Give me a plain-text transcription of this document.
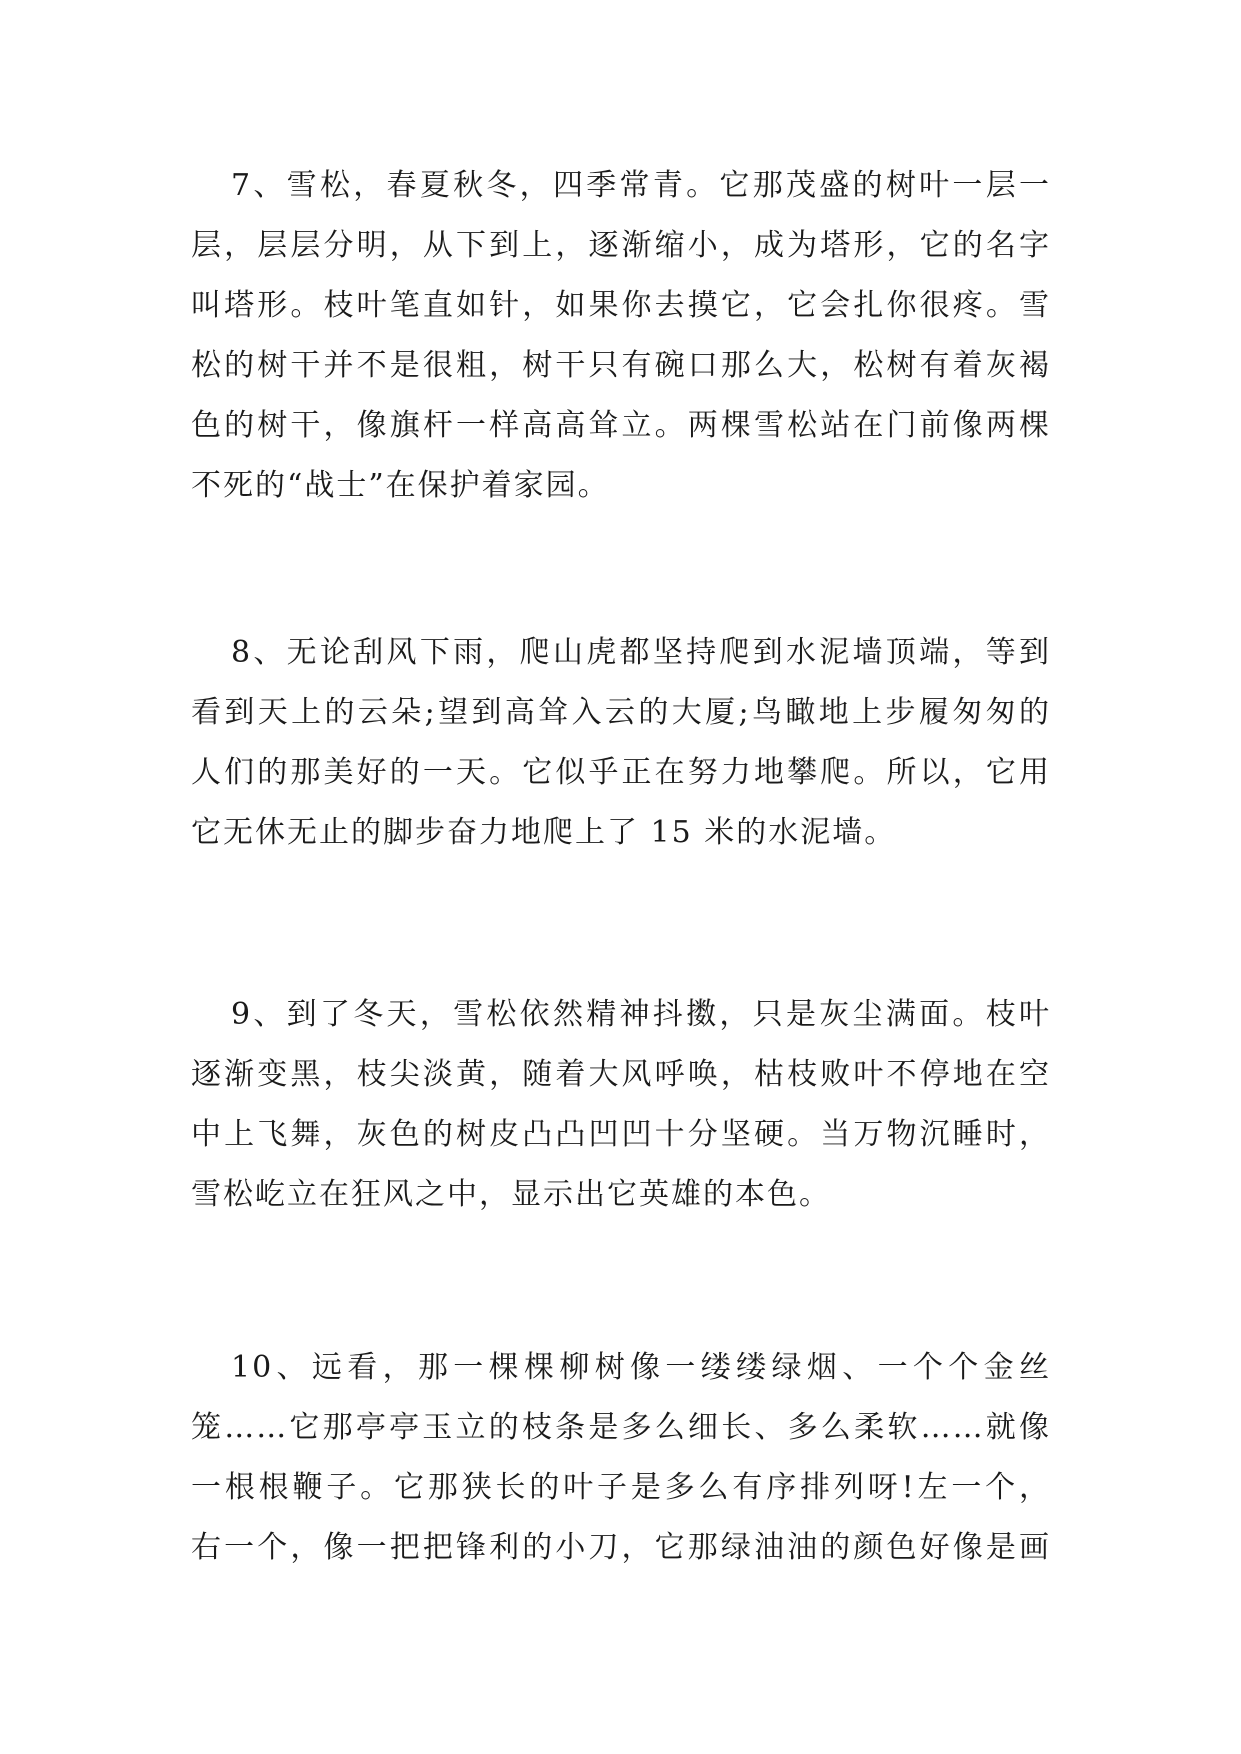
7、雪松，春夏秋冬，四季常青。它那茂盛的树叶一层一
层，层层分明，从下到上，逐渐缩小，成为塔形，它的名字
叫塔形。枝叶笔直如针，如果你去摸它，它会扎你很疼。雪
松的树干并不是很粗，树干只有碗口那么大，松树有着灰褐
色的树干，像旗杆一样高高耸立。两棵雪松站在门前像两棵
不死的“战士”在保护着家园。
8、无论刮风下雨，爬山虎都坚持爬到水泥墙顶端，等到
看到天上的云朵;望到高耸入云的大厦;鸟瞰地上步履匆匆的
人们的那美好的一天。它似乎正在努力地攀爬。所以，它用
它无休无止的脚步奋力地爬上了 15 米的水泥墙。
9、到了冬天，雪松依然精神抖擞，只是灰尘满面。枝叶
逐渐变黑，枝尖淡黄，随着大风呼唤，枯枝败叶不停地在空
中上飞舞，灰色的树皮凸凸凹凹十分坚硬。当万物沉睡时，
雪松屹立在狂风之中，显示出它英雄的本色。
10、远看，那一棵棵柳树像一缕缕绿烟、一个个金丝
笼……它那亭亭玉立的枝条是多么细长、多么柔软……就像
一根根鞭子。它那狭长的叶子是多么有序排列呀!左一个，
右一个，像一把把锋利的小刀，它那绿油油的颜色好像是画
